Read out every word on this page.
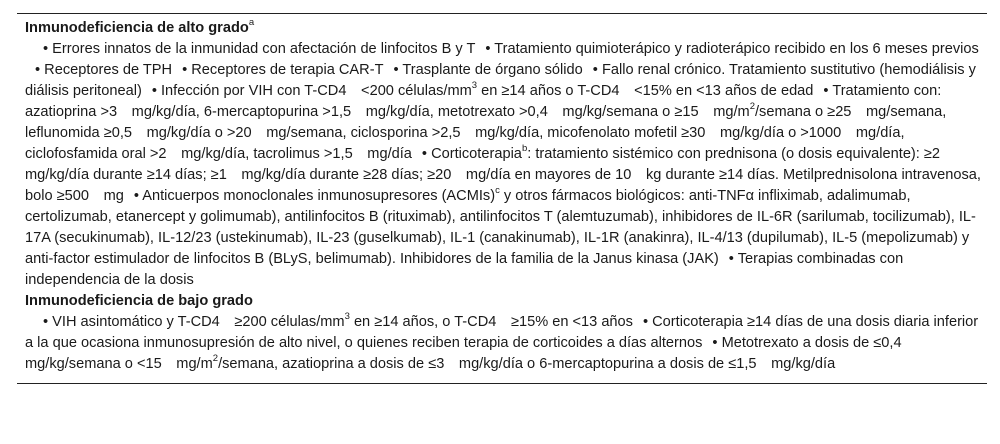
Inmunodeficiencia de alto grado$^a$
• Errores innatos de la inmunidad con afectación de linfocitos B y T • Tratamiento quimioterápico y radioterápico recibido en los 6 meses previos• Receptores de TPH • Receptores de terapia CAR-T • Trasplante de órgano sólido • Fallo renal crónico. Tratamiento sustitutivo (hemodiálisis y diálisis peritoneal) • Infección por VIH con T-CD4 <200 células/$mm^3$ en ≥14 años o T-CD4 <15% en <13 años de edad • Tratamiento con: azatioprina >3 mg/kg/día, 6-mercaptopurina >1,5 mg/kg/día, metotrexato >0,4 mg/kg/semana o ≥15 $mg/m^2$/semana o ≥25 mg/semana, leflunomida ≥0,5 mg/kg/día o >20 mg/semana, ciclosporina >2,5 mg/kg/día, micofenolato mofetil ≥30 mg/kg/día o >1000 mg/día, ciclofosfamida oral >2 mg/kg/día, tacrolimus >1,5 mg/día • Corticoterapia$^b$: tratamiento sistémico con prednisona (o dosis equivalente): ≥2 mg/kg/día durante ≥14 días; ≥1 mg/kg/día durante ≥28 días; ≥20 mg/día en mayores de 10 kg durante ≥14 días. Metilprednisolona intravenosa, bolo ≥500 mg • Anticuerpos monoclonales inmunosupresores (ACMIs)$^c$ y otros fármacos biológicos: anti-TNFα infliximab, adalimumab, certolizumab, etanercept y golimumab), antilinfocitos B (rituximab), antilinfocitos T (alemtuzumab), inhibidores de IL-6R (sarilumab, tocilizumab), IL-17A (secukinumab), IL-12/23 (ustekinumab), IL-23 (guselkumab), IL-1 (canakinumab), IL-1R (anakinra), IL-4/13 (dupilumab), IL-5 (mepolizumab) y anti-factor estimulador de linfocitos B (BLyS, belimumab). Inhibidores de la familia de la Janus kinasa (JAK) • Terapias combinadas con independencia de la dosis
Inmunodeficiencia de bajo grado
• VIH asintomático y T-CD4 ≥200 células/$mm^3$ en ≥14 años, o T-CD4 ≥15% en <13 años • Corticoterapia ≥14 días de una dosis diaria inferior a la que ocasiona inmunosupresión de alto nivel, o quienes reciben terapia de corticoides a días alternos • Metotrexato a dosis de ≤0,4 mg/kg/semana o <15 $mg/m^2$/semana, azatioprina a dosis de ≤3 mg/kg/día o 6-mercaptopurina a dosis de ≤1,5 mg/kg/día
